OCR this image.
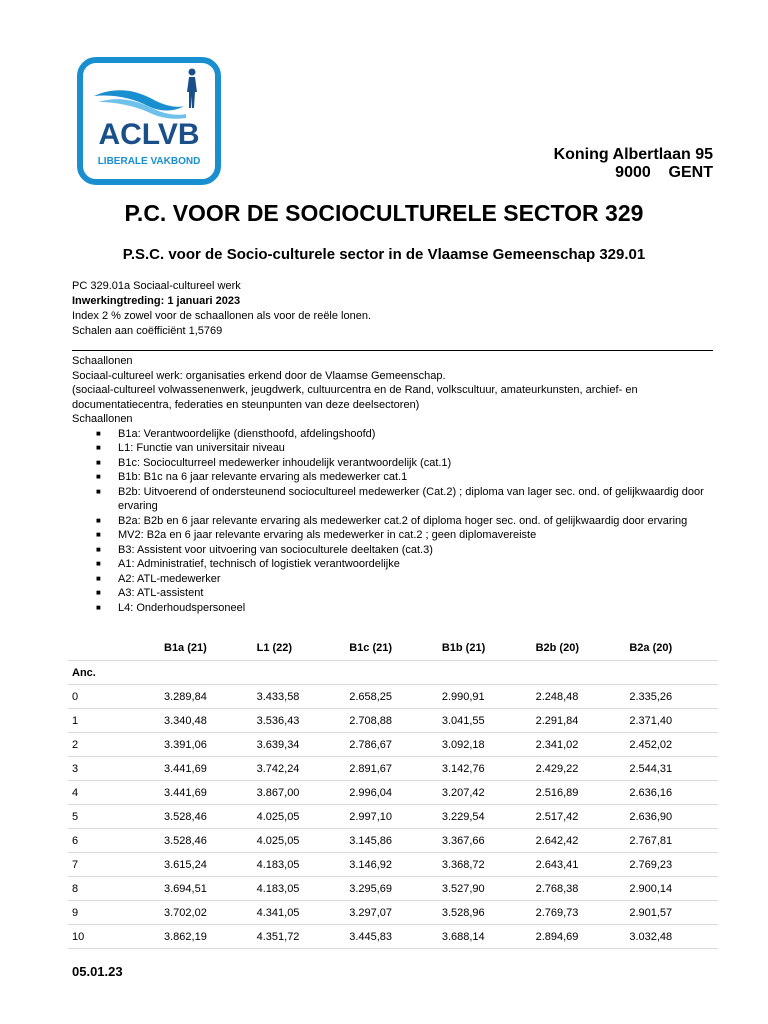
ACLVB
LIBERALE VAKBOND	Koning Albertlaan 95
9000    GENT
P.C. VOOR DE SOCIOCULTURELE SECTOR 329
P.S.C. voor de Socio-culturele sector in de Vlaamse Gemeenschap 329.01
PC 329.01a Sociaal-cultureel werk
Inwerkingtreding: 1 januari 2023
Index 2 % zowel voor de schaallonen als voor de reële lonen.
Schalen aan coëfficiënt 1,5769

Schaallonen

Sociaal-cultureel werk: organisaties erkend door de Vlaamse Gemeenschap.

(sociaal-cultureel volwassenenwerk, jeugdwerk, cultuurcentra en de Rand, volkscultuur, amateurkunsten, archief- en documentatiecentra, federaties en steunpunten van deze deelsectoren)

Schaallonen

■ B1a: Verantwoordelijke (diensthoofd, afdelingshoofd)
■ L1: Functie van universitair niveau
■ B1c: Socioculturreel medewerker inhoudelijk verantwoordelijk (cat.1)
■ B1b: B1c na 6 jaar relevante ervaring als medewerker cat.1
■ B2b: Uitvoerend of ondersteunend sociocultureel medewerker (Cat.2) ; diploma van lager sec. ond. of gelijkwaardig door ervaring
■ B2a: B2b en 6 jaar relevante ervaring als medewerker cat.2 of diploma hoger sec. ond. of gelijkwaardig door ervaring
■ MV2: B2a en 6 jaar relevante ervaring als medewerker in cat.2 ; geen diplomavereiste
■ B3: Assistent voor uitvoering van socioculturele deeltaken (cat.3)
■ A1: Administratief, technisch of logistiek verantwoordelijke
■ A2: ATL-medewerker
■ A3: ATL-assistent
■ L4: Onderhoudspersoneel
	B1a (21)	L1 (22)	B1c (21)	B1b (21)	B2b (20)	B2a (20)
Anc.						
0	3.289,84	3.433,58	2.658,25	2.990,91	2.248,48	2.335,26
1	3.340,48	3.536,43	2.708,88	3.041,55	2.291,84	2.371,40
2	3.391,06	3.639,34	2.786,67	3.092,18	2.341,02	2.452,02
3	3.441,69	3.742,24	2.891,67	3.142,76	2.429,22	2.544,31
4	3.441,69	3.867,00	2.996,04	3.207,42	2.516,89	2.636,16
5	3.528,46	4.025,05	2.997,10	3.229,54	2.517,42	2.636,90
6	3.528,46	4.025,05	3.145,86	3.367,66	2.642,42	2.767,81
7	3.615,24	4.183,05	3.146,92	3.368,72	2.643,41	2.769,23
8	3.694,51	4.183,05	3.295,69	3.527,90	2.768,38	2.900,14
9	3.702,02	4.341,05	3.297,07	3.528,96	2.769,73	2.901,57
10	3.862,19	4.351,72	3.445,83	3.688,14	2.894,69	3.032,48
05.01.23
